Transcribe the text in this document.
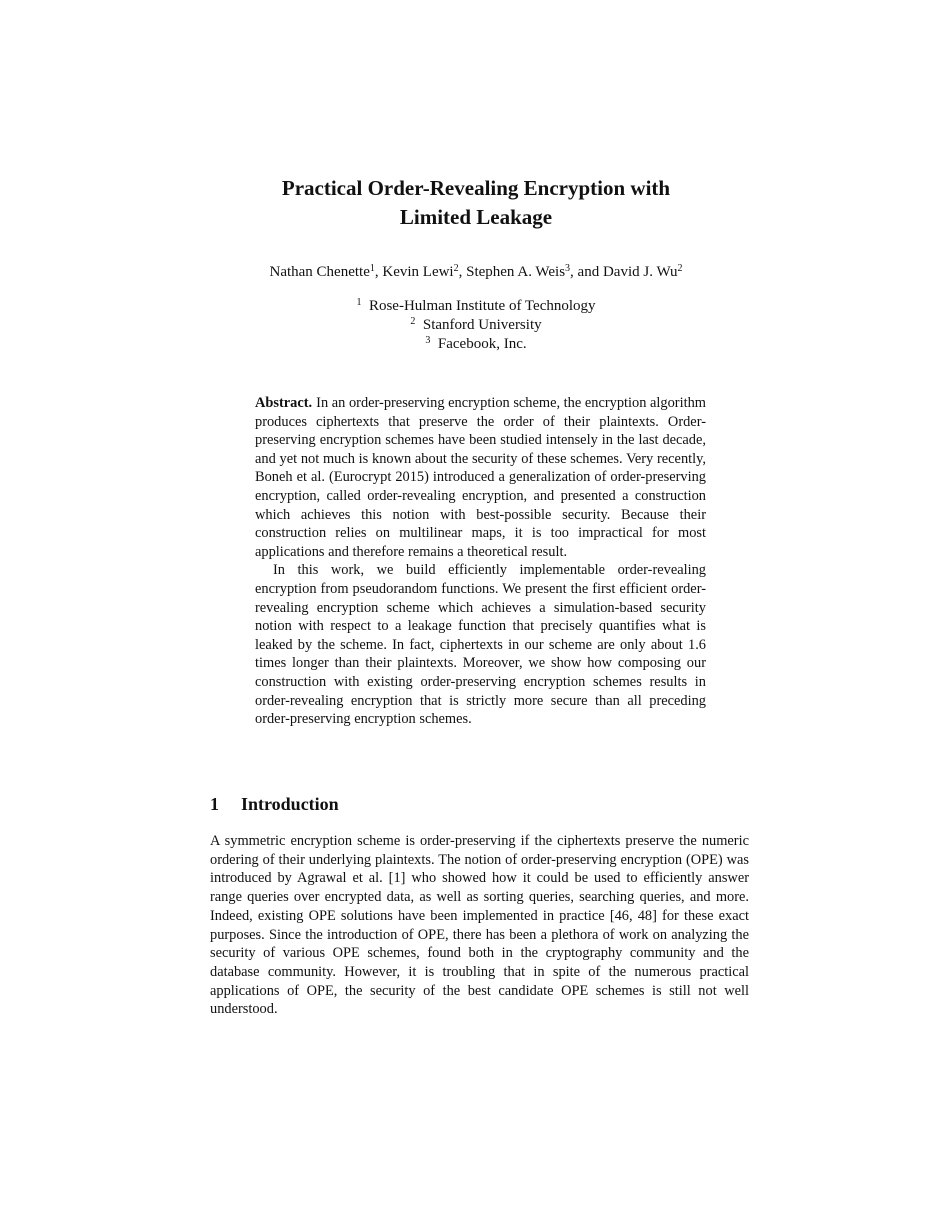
Practical Order-Revealing Encryption with
Limited Leakage
Nathan Chenette$^1$, Kevin Lewi$^2$, Stephen A. Weis$^3$, and David J. Wu$^2$
$^1$ Rose-Hulman Institute of Technology
$^2$ Stanford University
$^3$ Facebook, Inc.

Abstract. In an order-preserving encryption scheme, the encryption algorithm produces ciphertexts that preserve the order of their plaintexts. Order-preserving encryption schemes have been studied intensely in the last decade, and yet not much is known about the security of these schemes. Very recently, Boneh et al. (Eurocrypt 2015) introduced a generalization of order-preserving encryption, called order-revealing encryption, and presented a construction which achieves this notion with best-possible security. Because their construction relies on multilinear maps, it is too impractical for most applications and therefore remains a theoretical result.

In this work, we build efficiently implementable order-revealing encryption from pseudorandom functions. We present the first efficient order-revealing encryption scheme which achieves a simulation-based security notion with respect to a leakage function that precisely quantifies what is leaked by the scheme. In fact, ciphertexts in our scheme are only about 1.6 times longer than their plaintexts. Moreover, we show how composing our construction with existing order-preserving encryption schemes results in order-revealing encryption that is strictly more secure than all preceding order-preserving encryption schemes.

1 Introduction

A symmetric encryption scheme is order-preserving if the ciphertexts preserve the numeric ordering of their underlying plaintexts. The notion of order-preserving encryption (OPE) was introduced by Agrawal et al. [1] who showed how it could be used to efficiently answer range queries over encrypted data, as well as sorting queries, searching queries, and more. Indeed, existing OPE solutions have been implemented in practice [46, 48] for these exact purposes. Since the introduction of OPE, there has been a plethora of work on analyzing the security of various OPE schemes, found both in the cryptography community and the database community. However, it is troubling that in spite of the numerous practical applications of OPE, the security of the best candidate OPE schemes is still not well understood.
